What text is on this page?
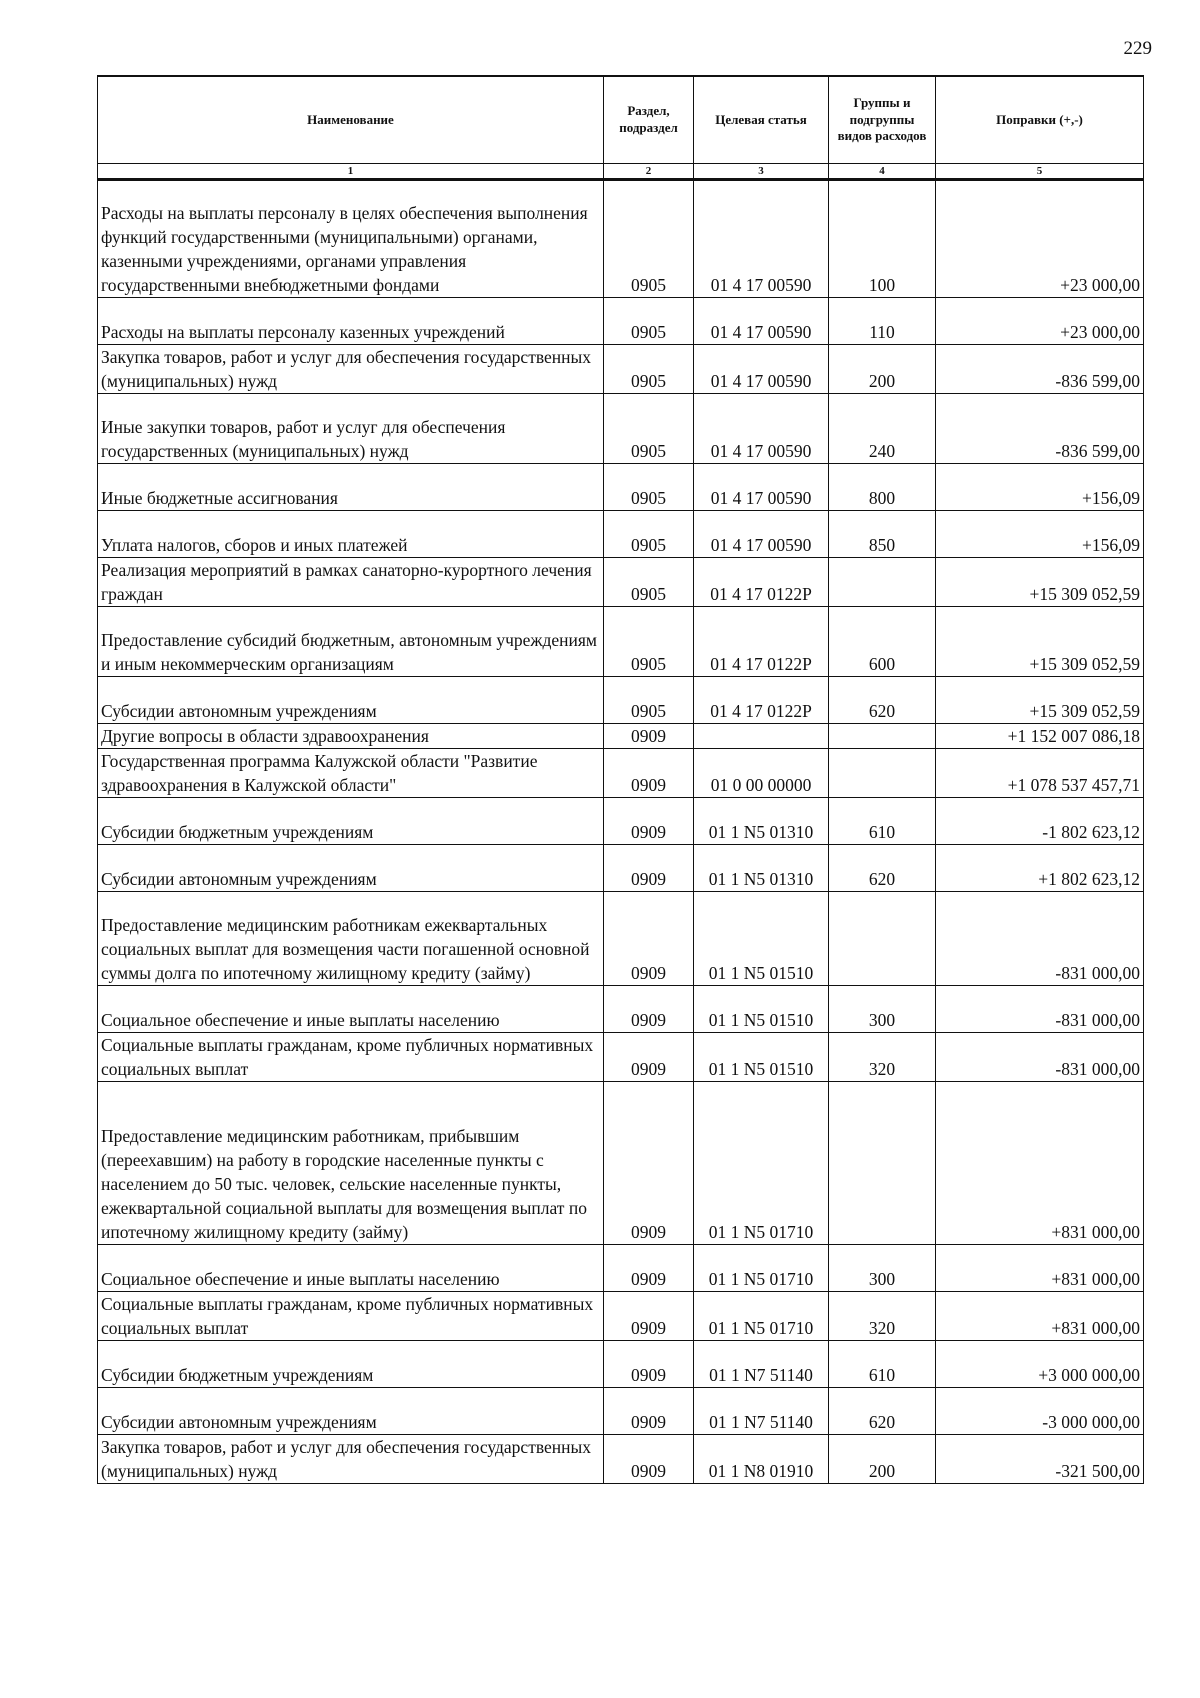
229
Наименование	Раздел, подраздел	Целевая статья	Группы и подгруппы видов расходов	Поправки (+,-)
1	2	3	4	5
Расходы на выплаты персоналу в целях обеспечения выполнения функций государственными (муниципальными) органами, казенными учреждениями, органами управления государственными внебюджетными фондами	0905	01 4 17 00590	100	+23 000,00
Расходы на выплаты персоналу казенных учреждений	0905	01 4 17 00590	110	+23 000,00
Закупка товаров, работ и услуг для обеспечения государственных (муниципальных) нужд	0905	01 4 17 00590	200	-836 599,00
Иные закупки товаров, работ и услуг для обеспечения государственных (муниципальных) нужд	0905	01 4 17 00590	240	-836 599,00
Иные бюджетные ассигнования	0905	01 4 17 00590	800	+156,09
Уплата налогов, сборов и иных платежей	0905	01 4 17 00590	850	+156,09
Реализация мероприятий в рамках санаторно-курортного лечения граждан	0905	01 4 17 0122P		+15 309 052,59
Предоставление субсидий бюджетным, автономным учреждениям и иным некоммерческим организациям	0905	01 4 17 0122P	600	+15 309 052,59
Субсидии автономным учреждениям	0905	01 4 17 0122P	620	+15 309 052,59
Другие вопросы в области здравоохранения	0909			+1 152 007 086,18
Государственная программа Калужской области "Развитие здравоохранения в Калужской области"	0909	01 0 00 00000		+1 078 537 457,71
Субсидии бюджетным учреждениям	0909	01 1 N5 01310	610	-1 802 623,12
Субсидии автономным учреждениям	0909	01 1 N5 01310	620	+1 802 623,12
Предоставление медицинским работникам ежеквартальных социальных выплат для возмещения части погашенной основной суммы долга по ипотечному жилищному кредиту (займу)	0909	01 1 N5 01510		-831 000,00
Социальное обеспечение и иные выплаты населению	0909	01 1 N5 01510	300	-831 000,00
Социальные выплаты гражданам, кроме публичных нормативных социальных выплат	0909	01 1 N5 01510	320	-831 000,00
Предоставление медицинским работникам, прибывшим (переехавшим) на работу в городские населенные пункты с населением до 50 тыс. человек, сельские населенные пункты, ежеквартальной социальной выплаты для возмещения выплат по ипотечному жилищному кредиту (займу)	0909	01 1 N5 01710		+831 000,00
Социальное обеспечение и иные выплаты населению	0909	01 1 N5 01710	300	+831 000,00
Социальные выплаты гражданам, кроме публичных нормативных социальных выплат	0909	01 1 N5 01710	320	+831 000,00
Субсидии бюджетным учреждениям	0909	01 1 N7 51140	610	+3 000 000,00
Субсидии автономным учреждениям	0909	01 1 N7 51140	620	-3 000 000,00
Закупка товаров, работ и услуг для обеспечения государственных (муниципальных) нужд	0909	01 1 N8 01910	200	-321 500,00
